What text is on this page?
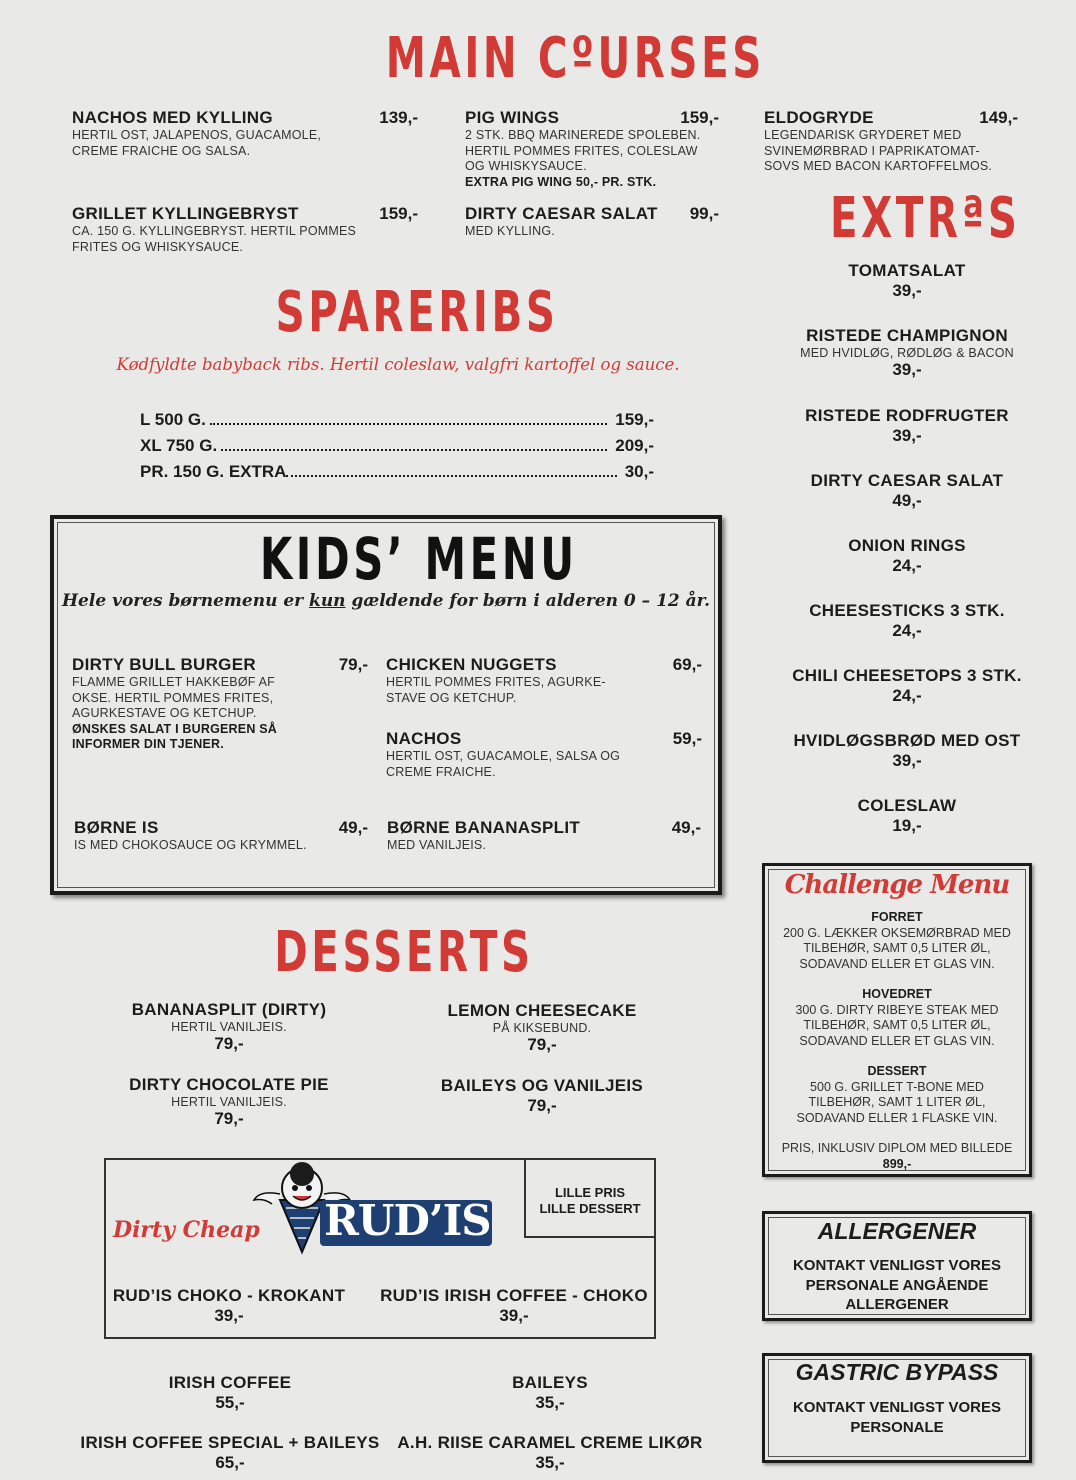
MAIN CºURSES
NACHOS MED KYLLING	139,-
HERTIL OST, JALAPENOS, GUACAMOLE, CREME FRAICHE OG SALSA.
PIG WINGS	159,-
2 STK. BBQ MARINEREDE SPOLEBEN. HERTIL POMMES FRITES, COLESLAW OG WHISKYSAUCE.
EXTRA PIG WING 50,- PR. STK.
ELDOGRYDE	149,-
LEGENDARISK GRYDERET MED SVINEMØRBRAD I PAPRIKATOMAT-SOVS MED BACON KARTOFFELMOS.
GRILLET KYLLINGEBRYST	159,-
CA. 150 G. KYLLINGEBRYST. HERTIL POMMES FRITES OG WHISKYSAUCE.
DIRTY CAESAR SALAT 99,-
MED KYLLING.
SPARERIBS
Kødfyldte babyback ribs. Hertil coleslaw, valgfri kartoffel og sauce.
L 500 G.	159,-
XL 750 G.	209,-
PR. 150 G. EXTRA	30,-
KIDS’ MENU
Hele vores børnemenu er kun gældende for børn i alderen 0 – 12 år.
DIRTY BULL BURGER	79,-
FLAMME GRILLET HAKKEBØF AF OKSE. HERTIL POMMES FRITES, AGURKESTAVE OG KETCHUP.
ØNSKES SALAT I BURGEREN SÅ INFORMER DIN TJENER.
CHICKEN NUGGETS	69,-
HERTIL POMMES FRITES, AGURKE-STAVE OG KETCHUP.
NACHOS	59,-
HERTIL OST, GUACAMOLE, SALSA OG CREME FRAICHE.
BØRNE IS	49,-
IS MED CHOKOSAUCE OG KRYMMEL.
BØRNE BANANASPLIT	49,-
MED VANILJEIS.
DESSERTS
BANANASPLIT (DIRTY)
HERTIL VANILJEIS.
79,-
LEMON CHEESECAKE
PÅ KIKSEBUND.
79,-
DIRTY CHOCOLATE PIE
HERTIL VANILJEIS.
79,-
BAILEYS OG VANILJEIS
79,-
LILLE PRIS
LILLE DESSERT
Dirty Cheap RUD’IS
RUD’IS CHOKO - KROKANT
39,-
RUD’IS IRISH COFFEE - CHOKO
39,-
IRISH COFFEE
55,-
BAILEYS
35,-
IRISH COFFEE SPECIAL + BAILEYS
65,-
A.H. RIISE CARAMEL CREME LIKØR
35,-
EXTRªS
TOMATSALAT
39,-
RISTEDE CHAMPIGNON
MED HVIDLØG, RØDLØG & BACON
39,-
RISTEDE RODFRUGTER
39,-
DIRTY CAESAR SALAT
49,-
ONION RINGS
24,-
CHEESESTICKS 3 STK.
24,-
CHILI CHEESETOPS 3 STK.
24,-
HVIDLØGSBRØD MED OST
39,-
COLESLAW
19,-
Challenge Menu
FORRET
200 G. LÆKKER OKSEMØRBRAD MED
TILBEHØR, SAMT 0,5 LITER ØL,
SODAVAND ELLER ET GLAS VIN.
HOVEDRET
300 G. DIRTY RIBEYE STEAK MED
TILBEHØR, SAMT 0,5 LITER ØL,
SODAVAND ELLER ET GLAS VIN.
DESSERT
500 G. GRILLET T-BONE MED
TILBEHØR, SAMT 1 LITER ØL,
SODAVAND ELLER 1 FLASKE VIN.
PRIS, INKLUSIV DIPLOM MED BILLEDE
899,-
ALLERGENER
KONTAKT VENLIGST VORES
PERSONALE ANGÅENDE
ALLERGENER
GASTRIC BYPASS
KONTAKT VENLIGST VORES
PERSONALE
